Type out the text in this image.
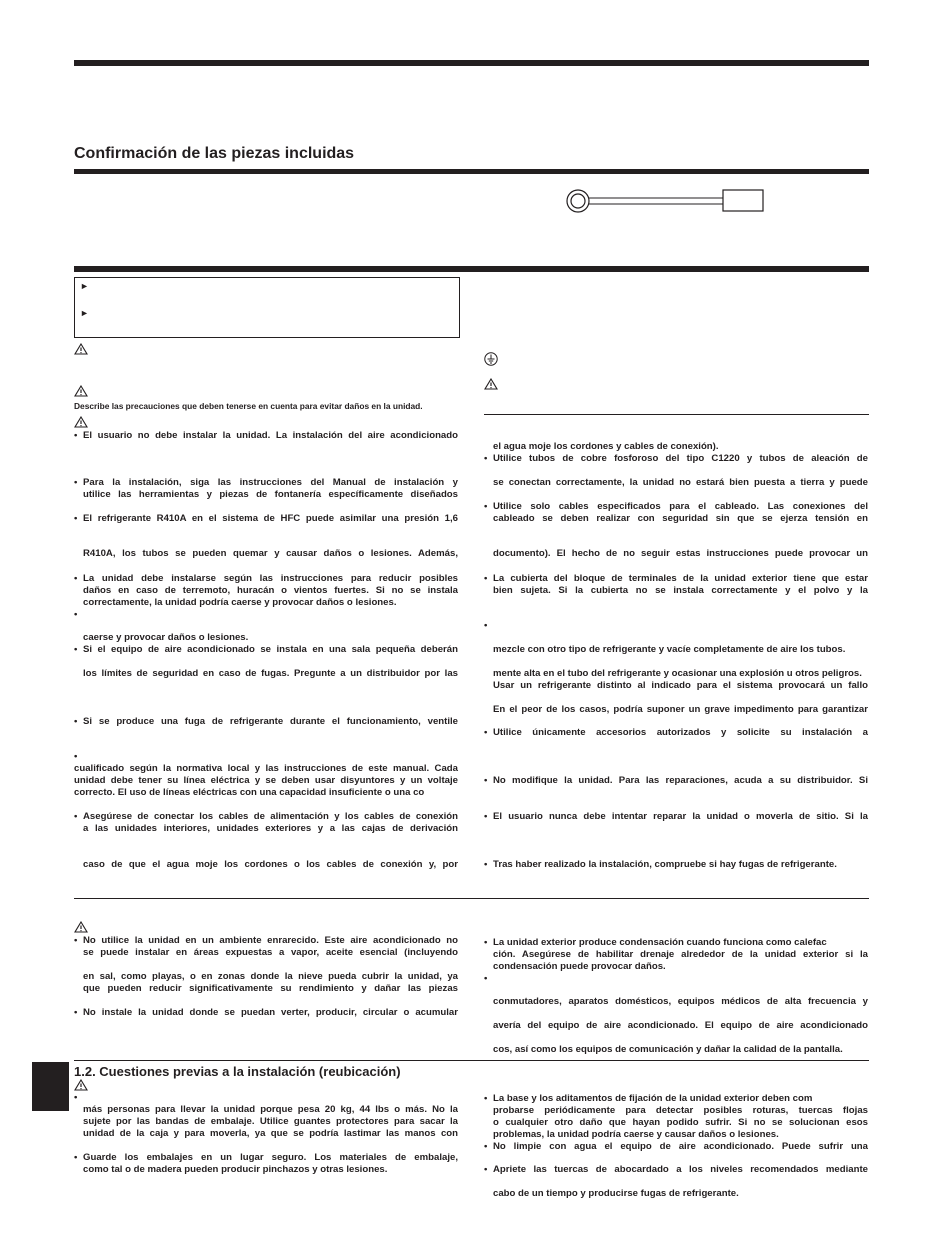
Confirmación de las piezas incluidas
►
►
Describe las precauciones que deben tenerse en cuenta para evitar daños en la unidad.
• El usuario no debe instalar la unidad. La instalación del aire acondicionado
• Para la instalación, siga las instrucciones del Manual de instalación y
utilice las herramientas y piezas de fontanería específicamente diseñados
• El refrigerante R410A en el sistema de HFC puede asimilar una presión 1,6
R410A, los tubos se pueden quemar y causar daños o lesiones. Además,
• La unidad debe instalarse según las instrucciones para reducir posibles
daños en caso de terremoto, huracán o vientos fuertes. Si no se instala
correctamente, la unidad podría caerse y provocar daños o lesiones.
•
caerse y provocar daños o lesiones.
• Si el equipo de aire acondicionado se instala en una sala pequeña deberán
los límites de seguridad en caso de fugas. Pregunte a un distribuidor por las
• Si se produce una fuga de refrigerante durante el funcionamiento, ventile
•
cualificado según la normativa local y las instrucciones de este manual. Cada
unidad debe tener su línea eléctrica y se deben usar disyuntores y un voltaje
correcto. El uso de líneas eléctricas con una capacidad insuficiente o una co
• Asegúrese de conectar los cables de alimentación y los cables de conexión
a las unidades interiores, unidades exteriores y a las cajas de derivación
caso de que el agua moje los cordones o los cables de conexión y, por
el agua moje los cordones y cables de conexión).
• Utilice tubos de cobre fosforoso del tipo C1220 y tubos de aleación de
se conectan correctamente, la unidad no estará bien puesta a tierra y puede
• Utilice solo cables especificados para el cableado. Las conexiones del
cableado se deben realizar con seguridad sin que se ejerza tensión en
documento). El hecho de no seguir estas instrucciones puede provocar un
• La cubierta del bloque de terminales de la unidad exterior tiene que estar
bien sujeta. Si la cubierta no se instala correctamente y el polvo y la
•
mezcle con otro tipo de refrigerante y vacíe completamente de aire los tubos.
mente alta en el tubo del refrigerante y ocasionar una explosión u otros peligros.
Usar un refrigerante distinto al indicado para el sistema provocará un fallo
En el peor de los casos, podría suponer un grave impedimento para garantizar
• Utilice únicamente accesorios autorizados y solicite su instalación a
• No modifique la unidad. Para las reparaciones, acuda a su distribuidor. Si
• El usuario nunca debe intentar reparar la unidad o moverla de sitio. Si la
• Tras haber realizado la instalación, compruebe si hay fugas de refrigerante.
• No utilice la unidad en un ambiente enrarecido. Este aire acondicionado no
se puede instalar en áreas expuestas a vapor, aceite esencial (incluyendo
en sal, como playas, o en zonas donde la nieve pueda cubrir la unidad, ya
que pueden reducir significativamente su rendimiento y dañar las piezas
• No instale la unidad donde se puedan verter, producir, circular o acumular
• La unidad exterior produce condensación cuando funciona como calefac
ción. Asegúrese de habilitar drenaje alrededor de la unidad exterior si la
condensación puede provocar daños.
•
conmutadores, aparatos domésticos, equipos médicos de alta frecuencia y
avería del equipo de aire acondicionado. El equipo de aire acondicionado
cos, así como los equipos de comunicación y dañar la calidad de la pantalla.
1.2. Cuestiones previas a la instalación (reubicación)
•
más personas para llevar la unidad porque pesa 20 kg, 44 lbs o más. No la
sujete por las bandas de embalaje. Utilice guantes protectores para sacar la
unidad de la caja y para moverla, ya que se podría lastimar las manos con
• Guarde los embalajes en un lugar seguro. Los materiales de embalaje,
como tal o de madera pueden producir pinchazos y otras lesiones.
• La base y los aditamentos de fijación de la unidad exterior deben com
probarse periódicamente para detectar posibles roturas, tuercas flojas
o cualquier otro daño que hayan podido sufrir. Si no se solucionan esos
problemas, la unidad podría caerse y causar daños o lesiones.
• No limpie con agua el equipo de aire acondicionado. Puede sufrir una
• Apriete las tuercas de abocardado a los niveles recomendados mediante
cabo de un tiempo y producirse fugas de refrigerante.
